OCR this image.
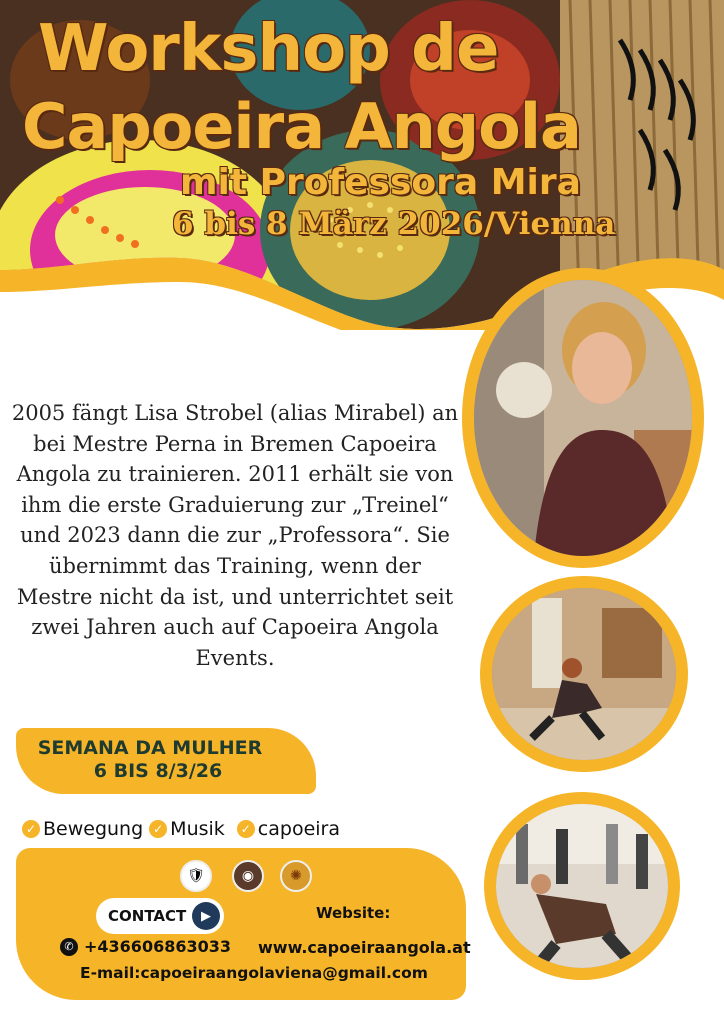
Workshop de
Capoeira Angola
mit Professora Mira
6 bis 8 März 2026/Vienna

2005 fängt Lisa Strobel (alias Mirabel) an bei Mestre Perna in Bremen Capoeira Angola zu trainieren. 2011 erhält sie von ihm die erste Graduierung zur „Treinel“ und 2023 dann die zur „Professora“. Sie übernimmt das Training, wenn der Mestre nicht da ist, und unterrichtet seit zwei Jahren auch auf Capoeira Angola Events.

SEMANA DA MULHER

6 BIS 8/3/26

✓ Bewegung ✓ Musik	✓ capoeira
🛡	◉	✺
CONTACT	▶	Website:
✆ +436606863033 www.capoeiraangola.at
E-mail:capoeiraangolaviena@gmail.com
